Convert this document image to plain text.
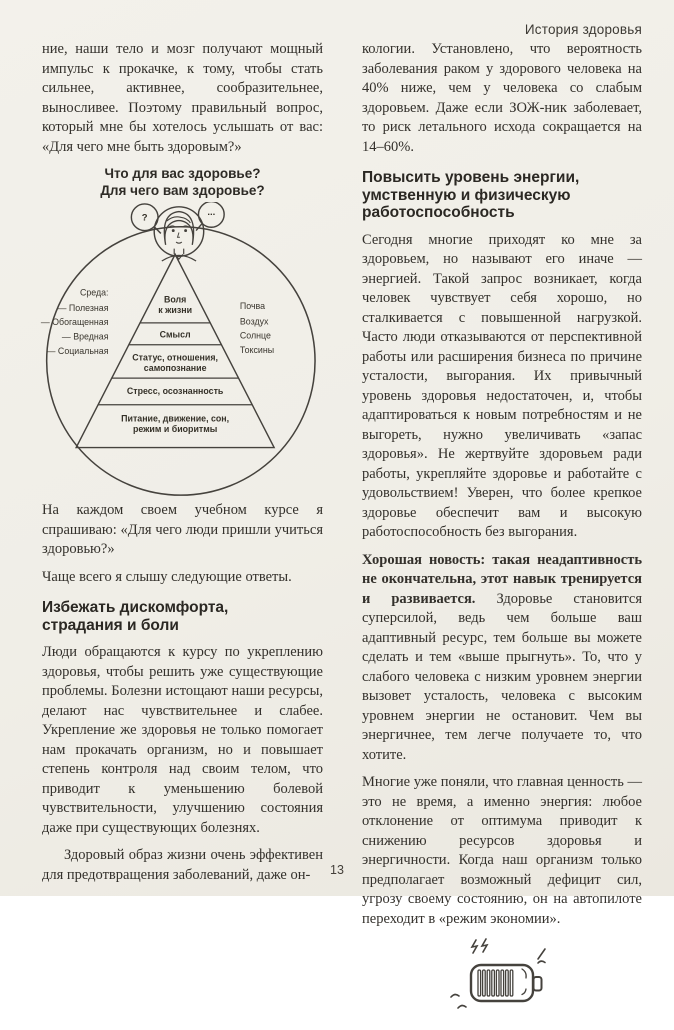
История здоровья

ние, наши тело и мозг получают мощный импульс к прокачке, к тому, чтобы стать сильнее, активнее, сообразительнее, выносливее. Поэтому правильный вопрос, который мне бы хотелось услышать от вас: «Для чего мне быть здоровым?»

Что для вас здоровье?
Для чего вам здоровье?
?
...
Воля
к жизни
Смысл
Статус, отношения,
самопознание
Стресс, осознанность
Питание, движение, сон,
режим и биоритмы
Среда:
— Полезная
— Обогащенная
— Вредная
— Социальная
Почва
Воздух
Солнце
Токсины

На каждом своем учебном курсе я спрашиваю: «Для чего люди пришли учиться здоровью?»

Чаще всего я слышу следующие ответы.

Избежать дискомфорта,
страдания и боли

Люди обращаются к курсу по укреплению здоровья, чтобы решить уже существующие проблемы. Болезни истощают наши ресурсы, делают нас чувствительнее и слабее. Укрепление же здоровья не только помогает нам прокачать организм, но и повышает степень контроля над своим телом, что приводит к уменьшению болевой чувствительности, улучшению состояния даже при существующих болезнях.

Здоровый образ жизни очень эффективен для предотвращения заболеваний, даже он-

кологии. Установлено, что вероятность заболевания раком у здорового человека на 40% ниже, чем у человека со слабым здоровьем. Даже если ЗОЖ-ник заболевает, то риск летального исхода сокращается на 14–60%.

Повысить уровень энергии,
умственную и физическую
работоспособность

Сегодня многие приходят ко мне за здоровьем, но называют его иначе — энергией. Такой запрос возникает, когда человек чувствует себя хорошо, но сталкивается с повышенной нагрузкой. Часто люди отказываются от перспективной работы или расширения бизнеса по причине усталости, выгорания. Их привычный уровень здоровья недостаточен, и, чтобы адаптироваться к новым потребностям и не выгореть, нужно увеличивать «запас здоровья». Не жертвуйте здоровьем ради работы, укрепляйте здоровье и работайте с удовольствием! Уверен, что более крепкое здоровье обеспечит вам и высокую работоспособность без выгорания.

Хорошая новость: такая неадаптивность не окончательна, этот навык тренируется и развивается. Здоровье становится суперсилой, ведь чем больше ваш адаптивный ресурс, тем больше вы можете сделать и тем «выше прыгнуть». То, что у слабого человека с низким уровнем энергии вызовет усталость, человека с высоким уровнем энергии не остановит. Чем вы энергичнее, тем легче получаете то, что хотите.

Многие уже поняли, что главная ценность — это не время, а именно энергия: любое отклонение от оптимума приводит к снижению ресурсов здоровья и энергичности. Когда наш организм только предполагает возможный дефицит сил, угрозу своему состоянию, он на автопилоте переходит в «режим экономии».

13
